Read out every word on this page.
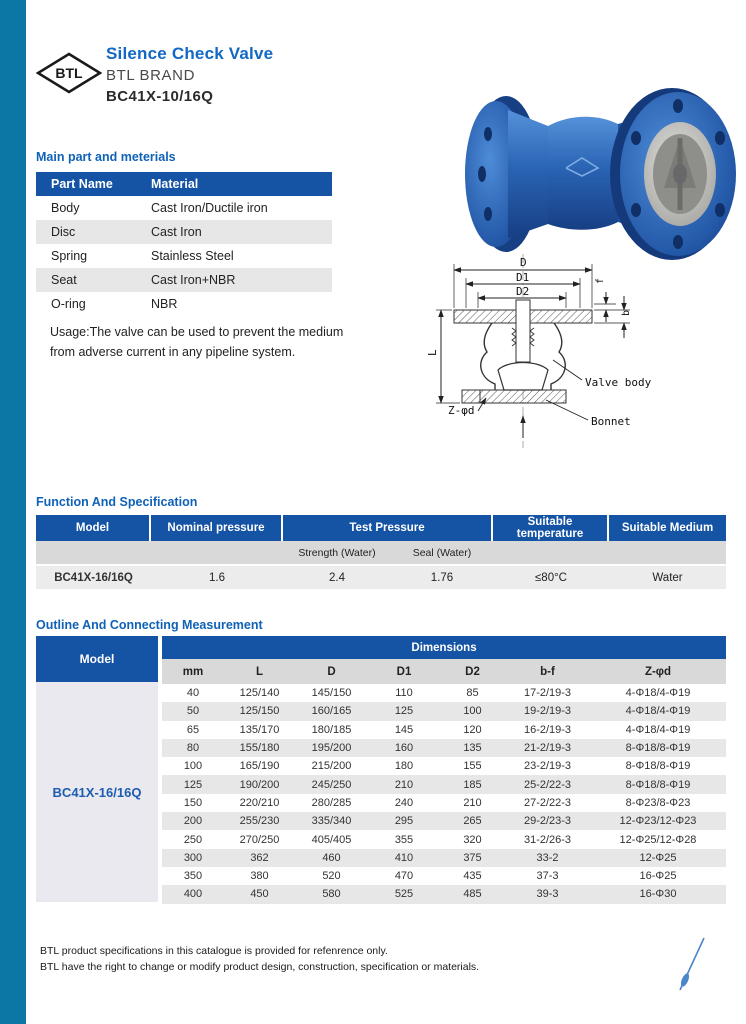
BTL
Silence Check Valve
BTL BRAND
BC41X-10/16Q
Main part and meterials
Part Name	Material
Body	Cast Iron/Ductile iron
Disc	Cast Iron
Spring	Stainless Steel
Seat	Cast Iron+NBR
O-ring	NBR
Usage:The valve can be used to prevent the medium
from adverse current in any pipeline system.
D
D1
D2
L
f
b
Z-φd
Valve body
Bonnet
Function And Specification
Model	Nominal pressure	Test Pressure		Suitable temperature	Suitable Medium
		Strength (Water)	Seal (Water)		
BC41X-16/16Q	1.6	2.4	1.76	≤80°C	Water
Outline And Connecting Measurement
Model
BC41X-16/16Q
Dimensions
mm	L	D	D1	D2	b-f	Z-φd
40	125/140	145/150	110	85	17-2/19-3	4-Φ18/4-Φ19
50	125/150	160/165	125	100	19-2/19-3	4-Φ18/4-Φ19
65	135/170	180/185	145	120	16-2/19-3	4-Φ18/4-Φ19
80	155/180	195/200	160	135	21-2/19-3	8-Φ18/8-Φ19
100	165/190	215/200	180	155	23-2/19-3	8-Φ18/8-Φ19
125	190/200	245/250	210	185	25-2/22-3	8-Φ18/8-Φ19
150	220/210	280/285	240	210	27-2/22-3	8-Φ23/8-Φ23
200	255/230	335/340	295	265	29-2/23-3	12-Φ23/12-Φ23
250	270/250	405/405	355	320	31-2/26-3	12-Φ25/12-Φ28
300	362	460	410	375	33-2	12-Φ25
350	380	520	470	435	37-3	16-Φ25
400	450	580	525	485	39-3	16-Φ30
BTL product specifications in this catalogue is provided for refenrence only.
BTL have the right to change or modify product design, construction, specification or materials.
